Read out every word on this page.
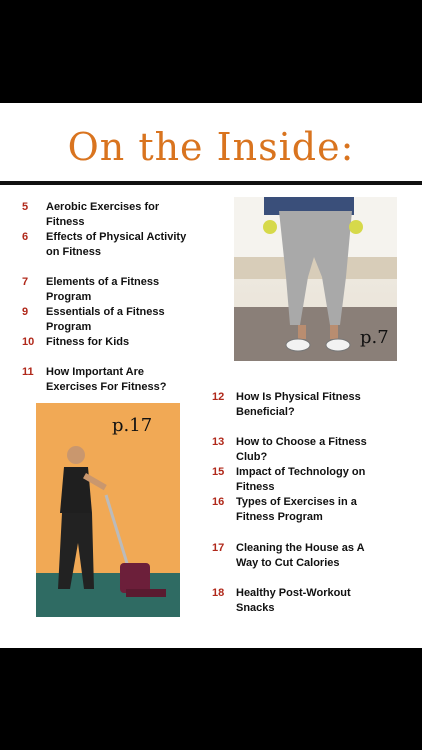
On the Inside:
5	Aerobic Exercises for Fitness
6	Effects of Physical Activity on Fitness
7	Elements of a Fitness Program
9	Essentials of a Fitness Program
10	Fitness for Kids
11	How Important Are Exercises For Fitness?
p.7
p.17
12	How Is Physical Fitness Beneficial?
13	How to Choose a Fitness Club?
15	Impact of Technology on Fitness
16	Types of Exercises in a Fitness Program
17	Cleaning the House as A Way to Cut Calories
18	Healthy Post-Workout Snacks
